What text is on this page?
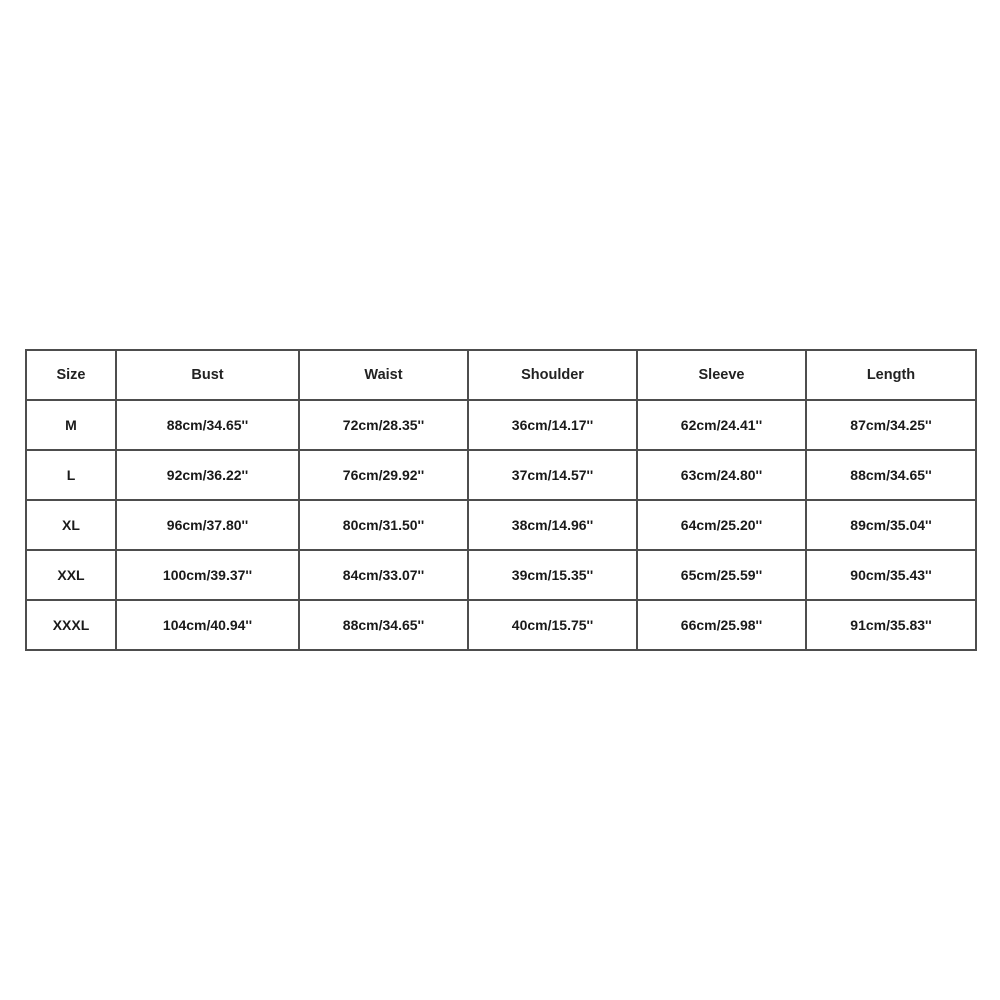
Size	Bust	Waist	Shoulder	Sleeve	Length
M	88cm/34.65''	72cm/28.35''	36cm/14.17''	62cm/24.41''	87cm/34.25''
L	92cm/36.22''	76cm/29.92''	37cm/14.57''	63cm/24.80''	88cm/34.65''
XL	96cm/37.80''	80cm/31.50''	38cm/14.96''	64cm/25.20''	89cm/35.04''
XXL	100cm/39.37''	84cm/33.07''	39cm/15.35''	65cm/25.59''	90cm/35.43''
XXXL	104cm/40.94''	88cm/34.65''	40cm/15.75''	66cm/25.98''	91cm/35.83''
